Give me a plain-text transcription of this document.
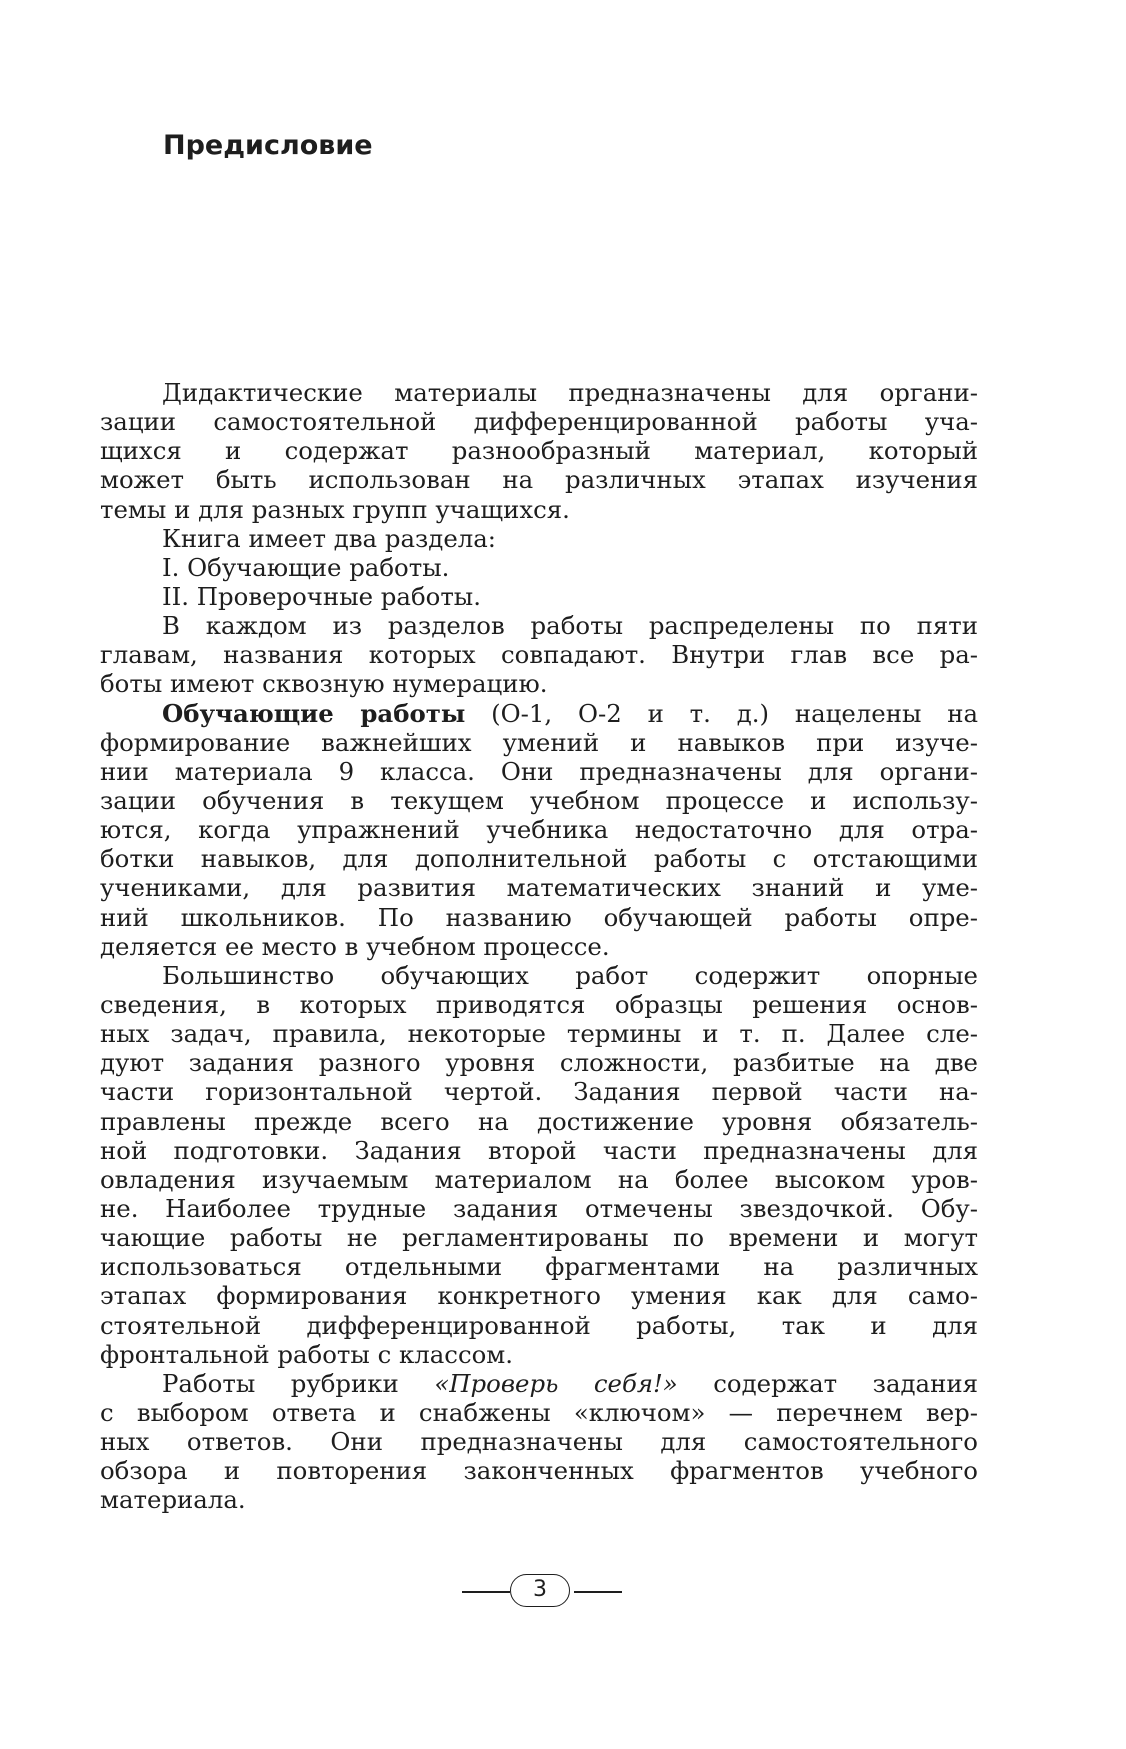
Предисловие
Дидактические материалы предназначены для органи-
зации самостоятельной дифференцированной работы уча-
щихся и содержат разнообразный материал, который
может быть использован на различных этапах изучения
темы и для разных групп учащихся.
Книга имеет два раздела:
I. Обучающие работы.
II. Проверочные работы.
В каждом из разделов работы распределены по пяти
главам, названия которых совпадают. Внутри глав все ра-
боты имеют сквозную нумерацию.
Обучающие работы (О-1, О-2 и т. д.) нацелены на
формирование важнейших умений и навыков при изуче-
нии материала 9 класса. Они предназначены для органи-
зации обучения в текущем учебном процессе и использу-
ются, когда упражнений учебника недостаточно для отра-
ботки навыков, для дополнительной работы с отстающими
учениками, для развития математических знаний и уме-
ний школьников. По названию обучающей работы опре-
деляется ее место в учебном процессе.
Большинство обучающих работ содержит опорные
сведения, в которых приводятся образцы решения основ-
ных задач, правила, некоторые термины и т. п. Далее сле-
дуют задания разного уровня сложности, разбитые на две
части горизонтальной чертой. Задания первой части на-
правлены прежде всего на достижение уровня обязатель-
ной подготовки. Задания второй части предназначены для
овладения изучаемым материалом на более высоком уров-
не. Наиболее трудные задания отмечены звездочкой. Обу-
чающие работы не регламентированы по времени и могут
использоваться отдельными фрагментами на различных
этапах формирования конкретного умения как для само-
стоятельной дифференцированной работы, так и для
фронтальной работы с классом.
Работы рубрики «Проверь себя!» содержат задания
с выбором ответа и снабжены «ключом» — перечнем вер-
ных ответов. Они предназначены для самостоятельного
обзора и повторения законченных фрагментов учебного
материала.
3
